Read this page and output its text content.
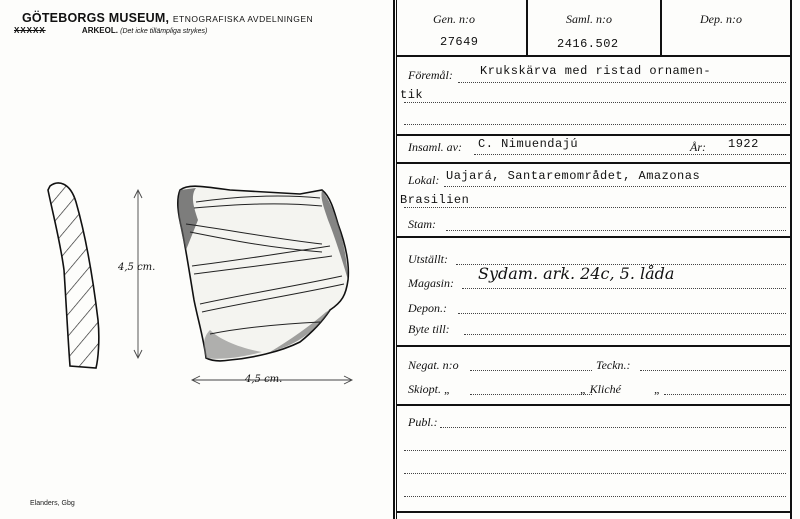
GÖTEBORGS MUSEUM, ETNOGRAFISKA AVDELNINGEN
XXXXX	ARKEOL. (Det icke tillämpliga strykes)
4,5 cm.
4,5 cm.
Elanders, Gbg
Gen. n:o
27649
Saml. n:o
2416.502
Dep. n:o
Föremål: Krukskärva med ristad ornamen-
tik
Insaml. av: C. Nimuendajú	År: 1922
Lokal: Uajará, Santaremområdet, Amazonas
Brasilien
Stam:
Utställt:
Magasin: Sydam. ark. 24c, 5. låda
Depon.:
Byte till:
Negat. n:o	Teckn.:
Skiopt. „	„ Kliché	„
Publ.:
